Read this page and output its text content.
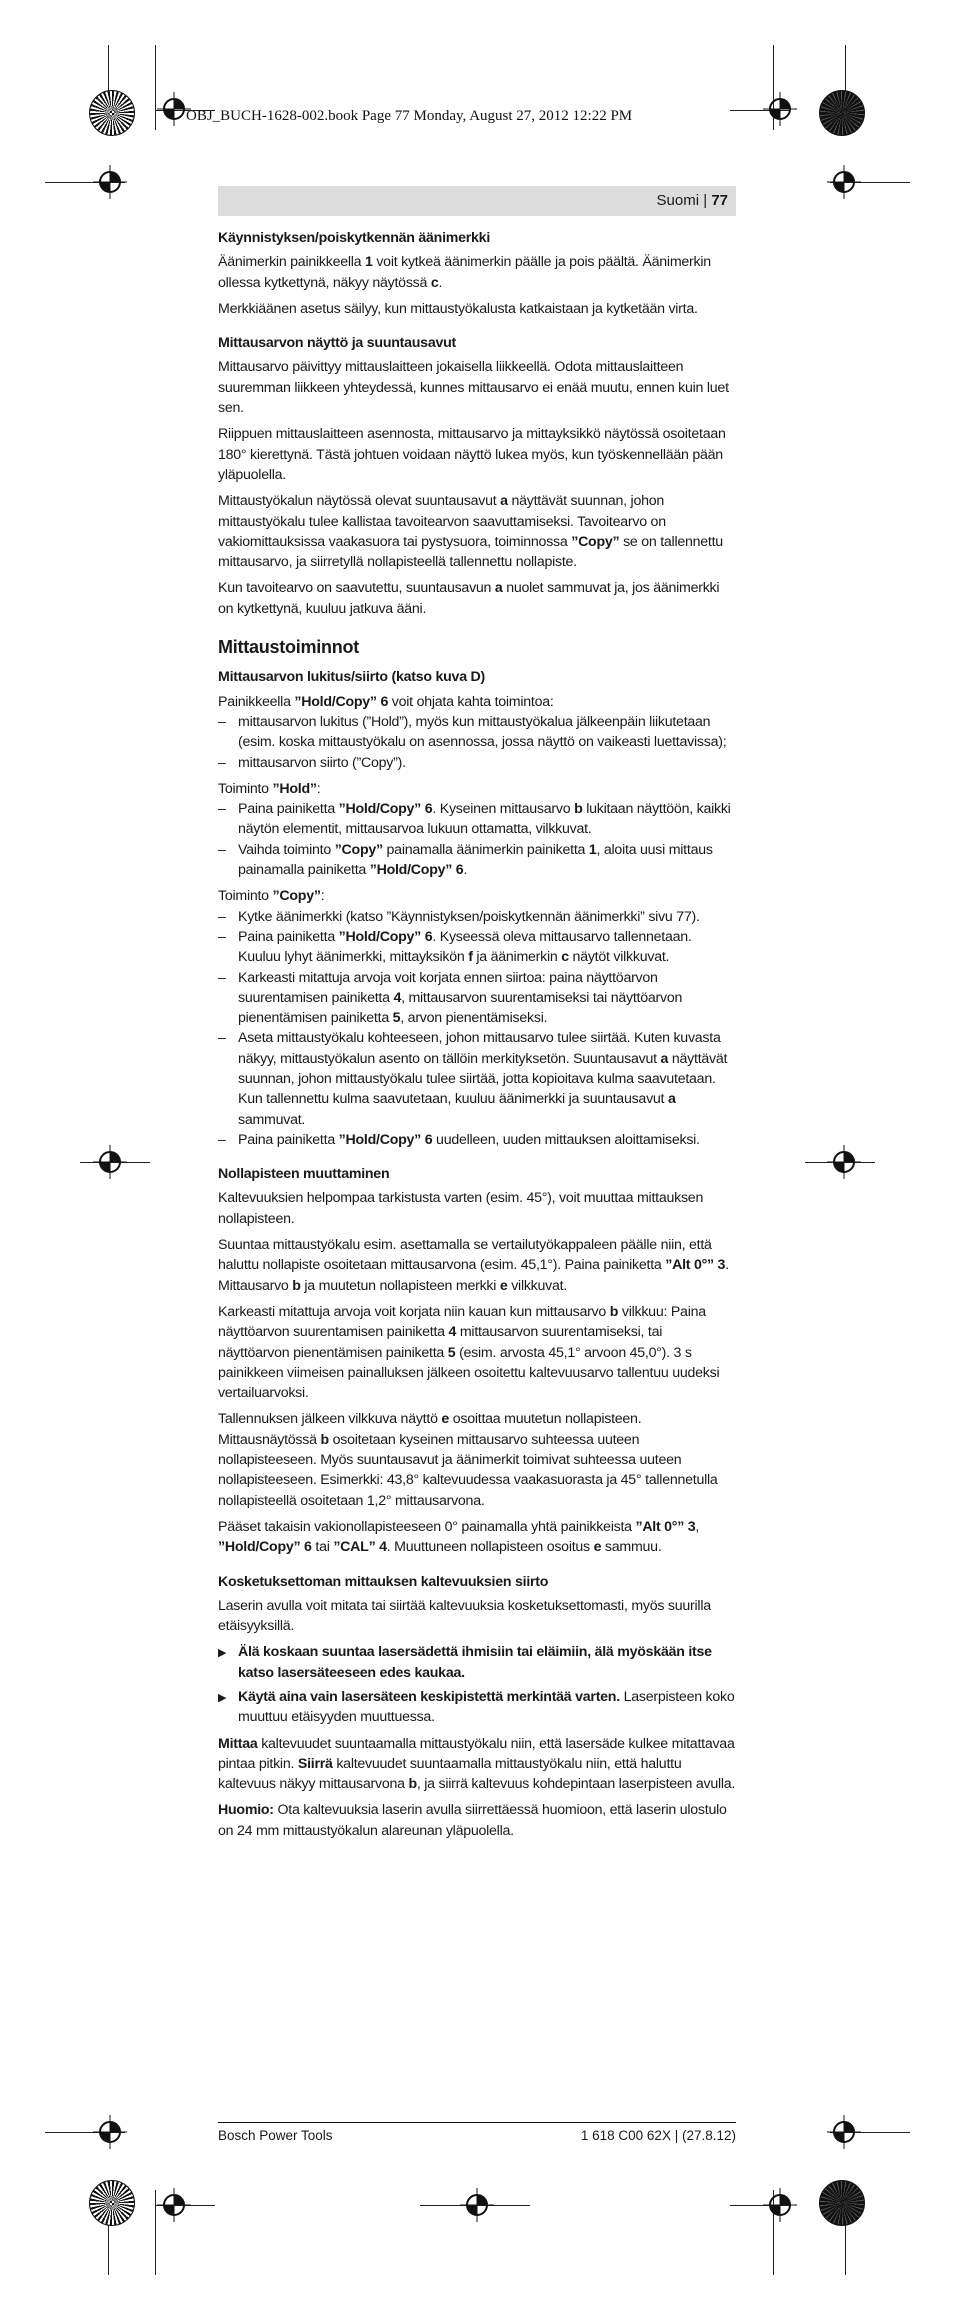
OBJ_BUCH-1628-002.book Page 77 Monday, August 27, 2012 12:22 PM
Suomi | 77
Käynnistyksen/poiskytkennän äänimerkki

Äänimerkin painikkeella 1 voit kytkeä äänimerkin päälle ja pois päältä. Äänimerkin ollessa kytkettynä, näkyy näytössä c.

Merkkiäänen asetus säilyy, kun mittaustyökalusta katkaistaan ja kytketään virta.

Mittausarvon näyttö ja suuntausavut

Mittausarvo päivittyy mittauslaitteen jokaisella liikkeellä. Odota mittauslaitteen suuremman liikkeen yhteydessä, kunnes mittausarvo ei enää muutu, ennen kuin luet sen.

Riippuen mittauslaitteen asennosta, mittausarvo ja mittayksikkö näytössä osoitetaan 180° kierettynä. Tästä johtuen voidaan näyttö lukea myös, kun työskennellään pään yläpuolella.

Mittaustyökalun näytössä olevat suuntausavut a näyttävät suunnan, johon mittaustyökalu tulee kallistaa tavoitearvon saavuttamiseksi. Tavoitearvo on vakiomittauksissa vaakasuora tai pystysuora, toiminnossa ”Copy” se on tallennettu mittausarvo, ja siirretyllä nollapisteellä tallennettu nollapiste.

Kun tavoitearvo on saavutettu, suuntausavun a nuolet sammuvat ja, jos äänimerkki on kytkettynä, kuuluu jatkuva ääni.

Mittaustoiminnot
Mittausarvon lukitus/siirto (katso kuva D)

Painikkeella ”Hold/Copy” 6 voit ohjata kahta toimintoa:

– mittausarvon lukitus (”Hold”), myös kun mittaustyökalua jälkeenpäin liikutetaan (esim. koska mittaustyökalu on asennossa, jossa näyttö on vaikeasti luettavissa);
– mittausarvon siirto (”Copy”).

Toiminto ”Hold”:

– Paina painiketta ”Hold/Copy” 6. Kyseinen mittausarvo b lukitaan näyttöön, kaikki näytön elementit, mittausarvoa lukuun ottamatta, vilkkuvat.
– Vaihda toiminto ”Copy” painamalla äänimerkin painiketta 1, aloita uusi mittaus painamalla painiketta ”Hold/Copy” 6.

Toiminto ”Copy”:

– Kytke äänimerkki (katso ”Käynnistyksen/poiskytkennän äänimerkki” sivu 77).
– Paina painiketta ”Hold/Copy” 6. Kyseessä oleva mittausarvo tallennetaan. Kuuluu lyhyt äänimerkki, mittayksikön f ja äänimerkin c näytöt vilkkuvat.
– Karkeasti mitattuja arvoja voit korjata ennen siirtoa: paina näyttöarvon suurentamisen painiketta 4, mittausarvon suurentamiseksi tai näyttöarvon pienentämisen painiketta 5, arvon pienentämiseksi.
– Aseta mittaustyökalu kohteeseen, johon mittausarvo tulee siirtää. Kuten kuvasta näkyy, mittaustyökalun asento on tällöin merkityksetön. Suuntausavut a näyttävät suunnan, johon mittaustyökalu tulee siirtää, jotta kopioitava kulma saavutetaan. Kun tallennettu kulma saavutetaan, kuuluu äänimerkki ja suuntausavut a sammuvat.
– Paina painiketta ”Hold/Copy” 6 uudelleen, uuden mittauksen aloittamiseksi.
Nollapisteen muuttaminen

Kaltevuuksien helpompaa tarkistusta varten (esim. 45°), voit muuttaa mittauksen nollapisteen.

Suuntaa mittaustyökalu esim. asettamalla se vertailutyökappaleen päälle niin, että haluttu nollapiste osoitetaan mittausarvona (esim. 45,1°). Paina painiketta ”Alt 0°” 3. Mittausarvo b ja muutetun nollapisteen merkki e vilkkuvat.

Karkeasti mitattuja arvoja voit korjata niin kauan kun mittausarvo b vilkkuu: Paina näyttöarvon suurentamisen painiketta 4 mittausarvon suurentamiseksi, tai näyttöarvon pienentämisen painiketta 5 (esim. arvosta 45,1° arvoon 45,0°). 3 s painikkeen viimeisen painalluksen jälkeen osoitettu kaltevuusarvo tallentuu uudeksi vertailuarvoksi.

Tallennuksen jälkeen vilkkuva näyttö e osoittaa muutetun nollapisteen. Mittausnäytössä b osoitetaan kyseinen mittausarvo suhteessa uuteen nollapisteeseen. Myös suuntausavut ja äänimerkit toimivat suhteessa uuteen nollapisteeseen. Esimerkki: 43,8° kaltevuudessa vaakasuorasta ja 45° tallennetulla nollapisteellä osoitetaan 1,2° mittausarvona.

Pääset takaisin vakionollapisteeseen 0° painamalla yhtä painikkeista ”Alt 0°” 3, ”Hold/Copy” 6 tai ”CAL” 4. Muuttuneen nollapisteen osoitus e sammuu.

Kosketuksettoman mittauksen kaltevuuksien siirto

Laserin avulla voit mitata tai siirtää kaltevuuksia kosketuksettomasti, myös suurilla etäisyyksillä.

▶ Älä koskaan suuntaa lasersädettä ihmisiin tai eläimiin, älä myöskään itse katso lasersäteeseen edes kaukaa.
▶ Käytä aina vain lasersäteen keskipistettä merkintää varten. Laserpisteen koko muuttuu etäisyyden muuttuessa.

Mittaa kaltevuudet suuntaamalla mittaustyökalu niin, että lasersäde kulkee mitattavaa pintaa pitkin. Siirrä kaltevuudet suuntaamalla mittaustyökalu niin, että haluttu kaltevuus näkyy mittausarvona b, ja siirrä kaltevuus kohdepintaan laserpisteen avulla.

Huomio: Ota kaltevuuksia laserin avulla siirrettäessä huomioon, että laserin ulostulo on 24 mm mittaustyökalun alareunan yläpuolella.

Bosch Power Tools	1 618 C00 62X | (27.8.12)
